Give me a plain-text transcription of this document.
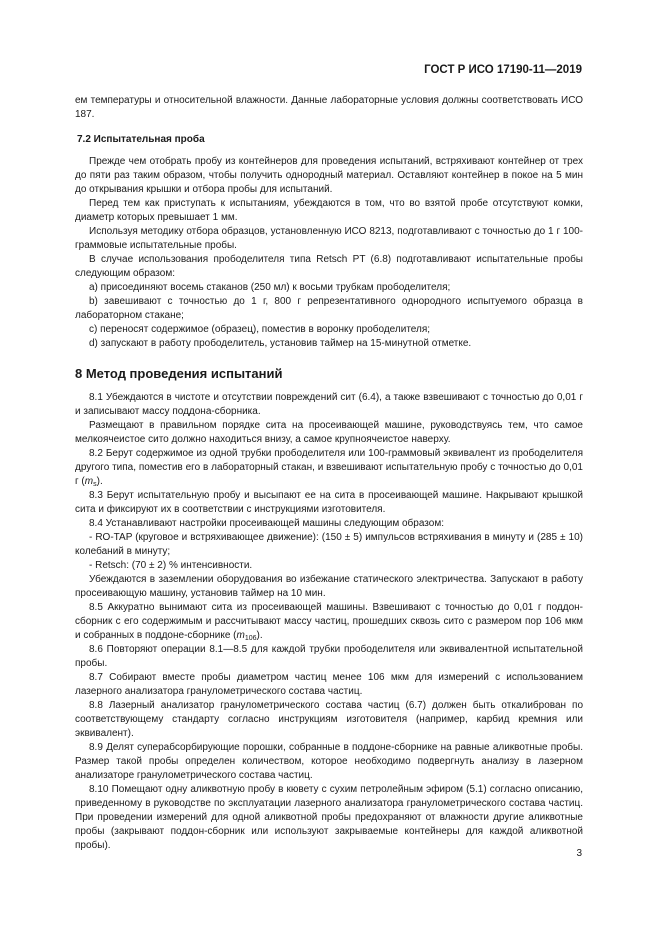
ГОСТ Р ИСО 17190-11—2019

ем температуры и относительной влажности. Данные лабораторные условия должны соответствовать ИСО 187.

7.2 Испытательная проба

Прежде чем отобрать пробу из контейнеров для проведения испытаний, встряхивают контейнер от трех до пяти раз таким образом, чтобы получить однородный материал. Оставляют контейнер в покое на 5 мин до открывания крышки и отбора пробы для испытаний.

Перед тем как приступать к испытаниям, убеждаются в том, что во взятой пробе отсутствуют комки, диаметр которых превышает 1 мм.

Используя методику отбора образцов, установленную ИСО 8213, подготавливают с точностью до 1 г 100-граммовые испытательные пробы.

В случае использования прободелителя типа Retsch PT (6.8) подготавливают испытательные пробы следующим образом:

a) присоединяют восемь стаканов (250 мл) к восьми трубкам прободелителя;

b) завешивают с точностью до 1 г, 800 г репрезентативного однородного испытуемого образца в лабораторном стакане;

c) переносят содержимое (образец), поместив в воронку прободелителя;

d) запускают в работу прободелитель, установив таймер на 15-минутной отметке.

8 Метод проведения испытаний

8.1 Убеждаются в чистоте и отсутствии повреждений сит (6.4), а также взвешивают с точностью до 0,01 г и записывают массу поддона-сборника.

Размещают в правильном порядке сита на просеивающей машине, руководствуясь тем, что самое мелкоячеистое сито должно находиться внизу, а самое крупноячеистое наверху.

8.2 Берут содержимое из одной трубки прободелителя или 100-граммовый эквивалент из прободелителя другого типа, поместив его в лабораторный стакан, и взвешивают испытательную пробу с точностью до 0,01 г $(m_s)$.

8.3 Берут испытательную пробу и высыпают ее на сита в просеивающей машине. Накрывают крышкой сита и фиксируют их в соответствии с инструкциями изготовителя.

8.4 Устанавливают настройки просеивающей машины следующим образом:

- RO-TAP (круговое и встряхивающее движение): (150 ± 5) импульсов встряхивания в минуту и (285 ± 10) колебаний в минуту;

- Retsch: (70 ± 2) % интенсивности.

Убеждаются в заземлении оборудования во избежание статического электричества. Запускают в работу просеивающую машину, установив таймер на 10 мин.

8.5 Аккуратно вынимают сита из просеивающей машины. Взвешивают с точностью до 0,01 г поддон-сборник с его содержимым и рассчитывают массу частиц, прошедших сквозь сито с размером пор 106 мкм и собранных в поддоне-сборнике $(m_{106})$.

8.6 Повторяют операции 8.1—8.5 для каждой трубки прободелителя или эквивалентной испытательной пробы.

8.7 Собирают вместе пробы диаметром частиц менее 106 мкм для измерений с использованием лазерного анализатора гранулометрического состава частиц.

8.8 Лазерный анализатор гранулометрического состава частиц (6.7) должен быть откалиброван по соответствующему стандарту согласно инструкциям изготовителя (например, карбид кремния или эквивалент).

8.9 Делят суперабсорбирующие порошки, собранные в поддоне-сборнике на равные аликвотные пробы. Размер такой пробы определен количеством, которое необходимо подвергнуть анализу в лазерном анализаторе гранулометрического состава частиц.

8.10 Помещают одну аликвотную пробу в кювету с сухим петролейным эфиром (5.1) согласно описанию, приведенному в руководстве по эксплуатации лазерного анализатора гранулометрического состава частиц. При проведении измерений для одной аликвотной пробы предохраняют от влажности другие аликвотные пробы (закрывают поддон-сборник или используют закрываемые контейнеры для каждой аликвотной пробы).

3
